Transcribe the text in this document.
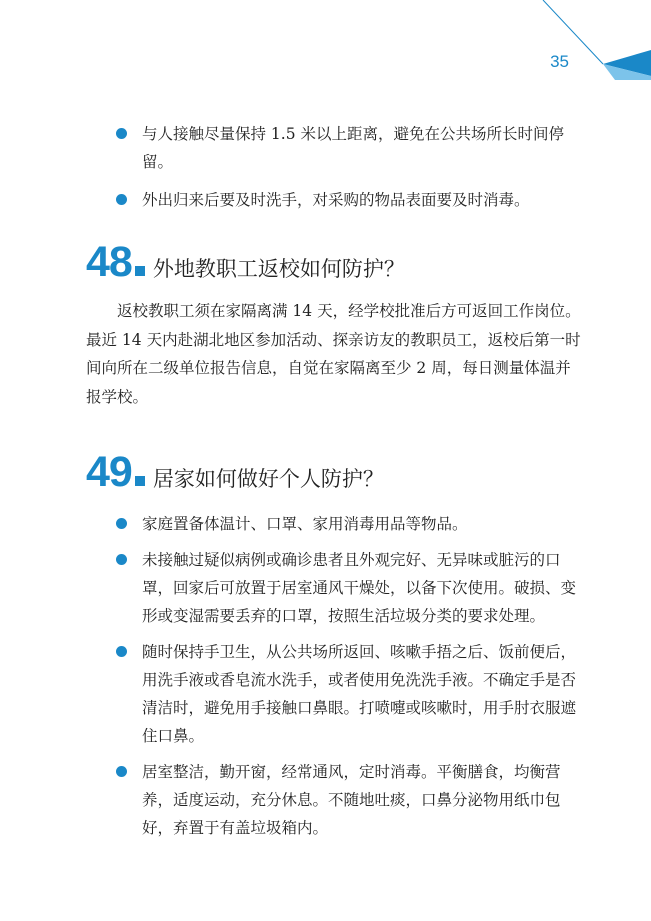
35
与人接触尽量保持 1.5 米以上距离，避免在公共场所长时间停留。
外出归来后要及时洗手，对采购的物品表面要及时消毒。
48 外地教职工返校如何防护？

返校教职工须在家隔离满 14 天，经学校批准后方可返回工作岗位。最近 14 天内赴湖北地区参加活动、探亲访友的教职员工，返校后第一时间向所在二级单位报告信息，自觉在家隔离至少 2 周，每日测量体温并报学校。

49 居家如何做好个人防护？
家庭置备体温计、口罩、家用消毒用品等物品。
未接触过疑似病例或确诊患者且外观完好、无异味或脏污的口罩，回家后可放置于居室通风干燥处，以备下次使用。破损、变形或变湿需要丢弃的口罩，按照生活垃圾分类的要求处理。
随时保持手卫生，从公共场所返回、咳嗽手捂之后、饭前便后，用洗手液或香皂流水洗手，或者使用免洗洗手液。不确定手是否清洁时，避免用手接触口鼻眼。打喷嚏或咳嗽时，用手肘衣服遮住口鼻。
居室整洁，勤开窗，经常通风，定时消毒。平衡膳食，均衡营养，适度运动，充分休息。不随地吐痰，口鼻分泌物用纸巾包好，弃置于有盖垃圾箱内。
